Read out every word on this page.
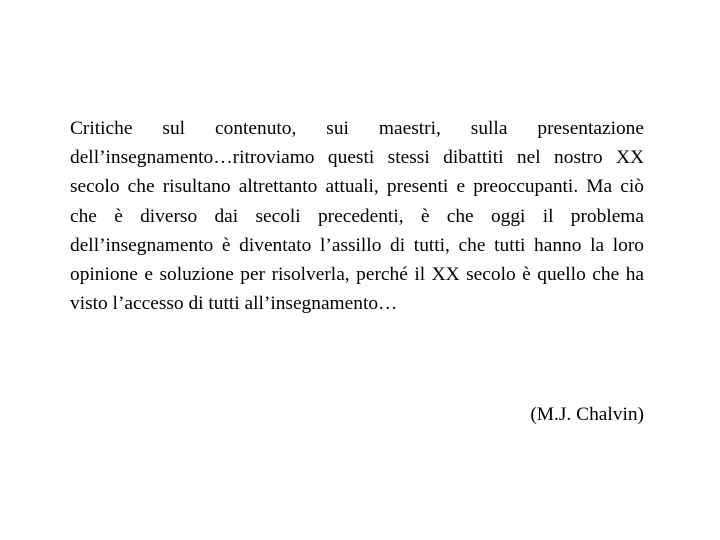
Critiche sul contenuto, sui maestri, sulla presentazione dell’insegnamento…ritroviamo questi stessi dibattiti nel nostro XX secolo che risultano altrettanto attuali, presenti e preoccupanti. Ma ciò che è diverso dai secoli precedenti, è che oggi il problema dell’insegnamento è diventato l’assillo di tutti, che tutti hanno la loro opinione e soluzione per risolverla, perché il XX secolo è quello che ha visto l’accesso di tutti all’insegnamento…

(M.J. Chalvin)
